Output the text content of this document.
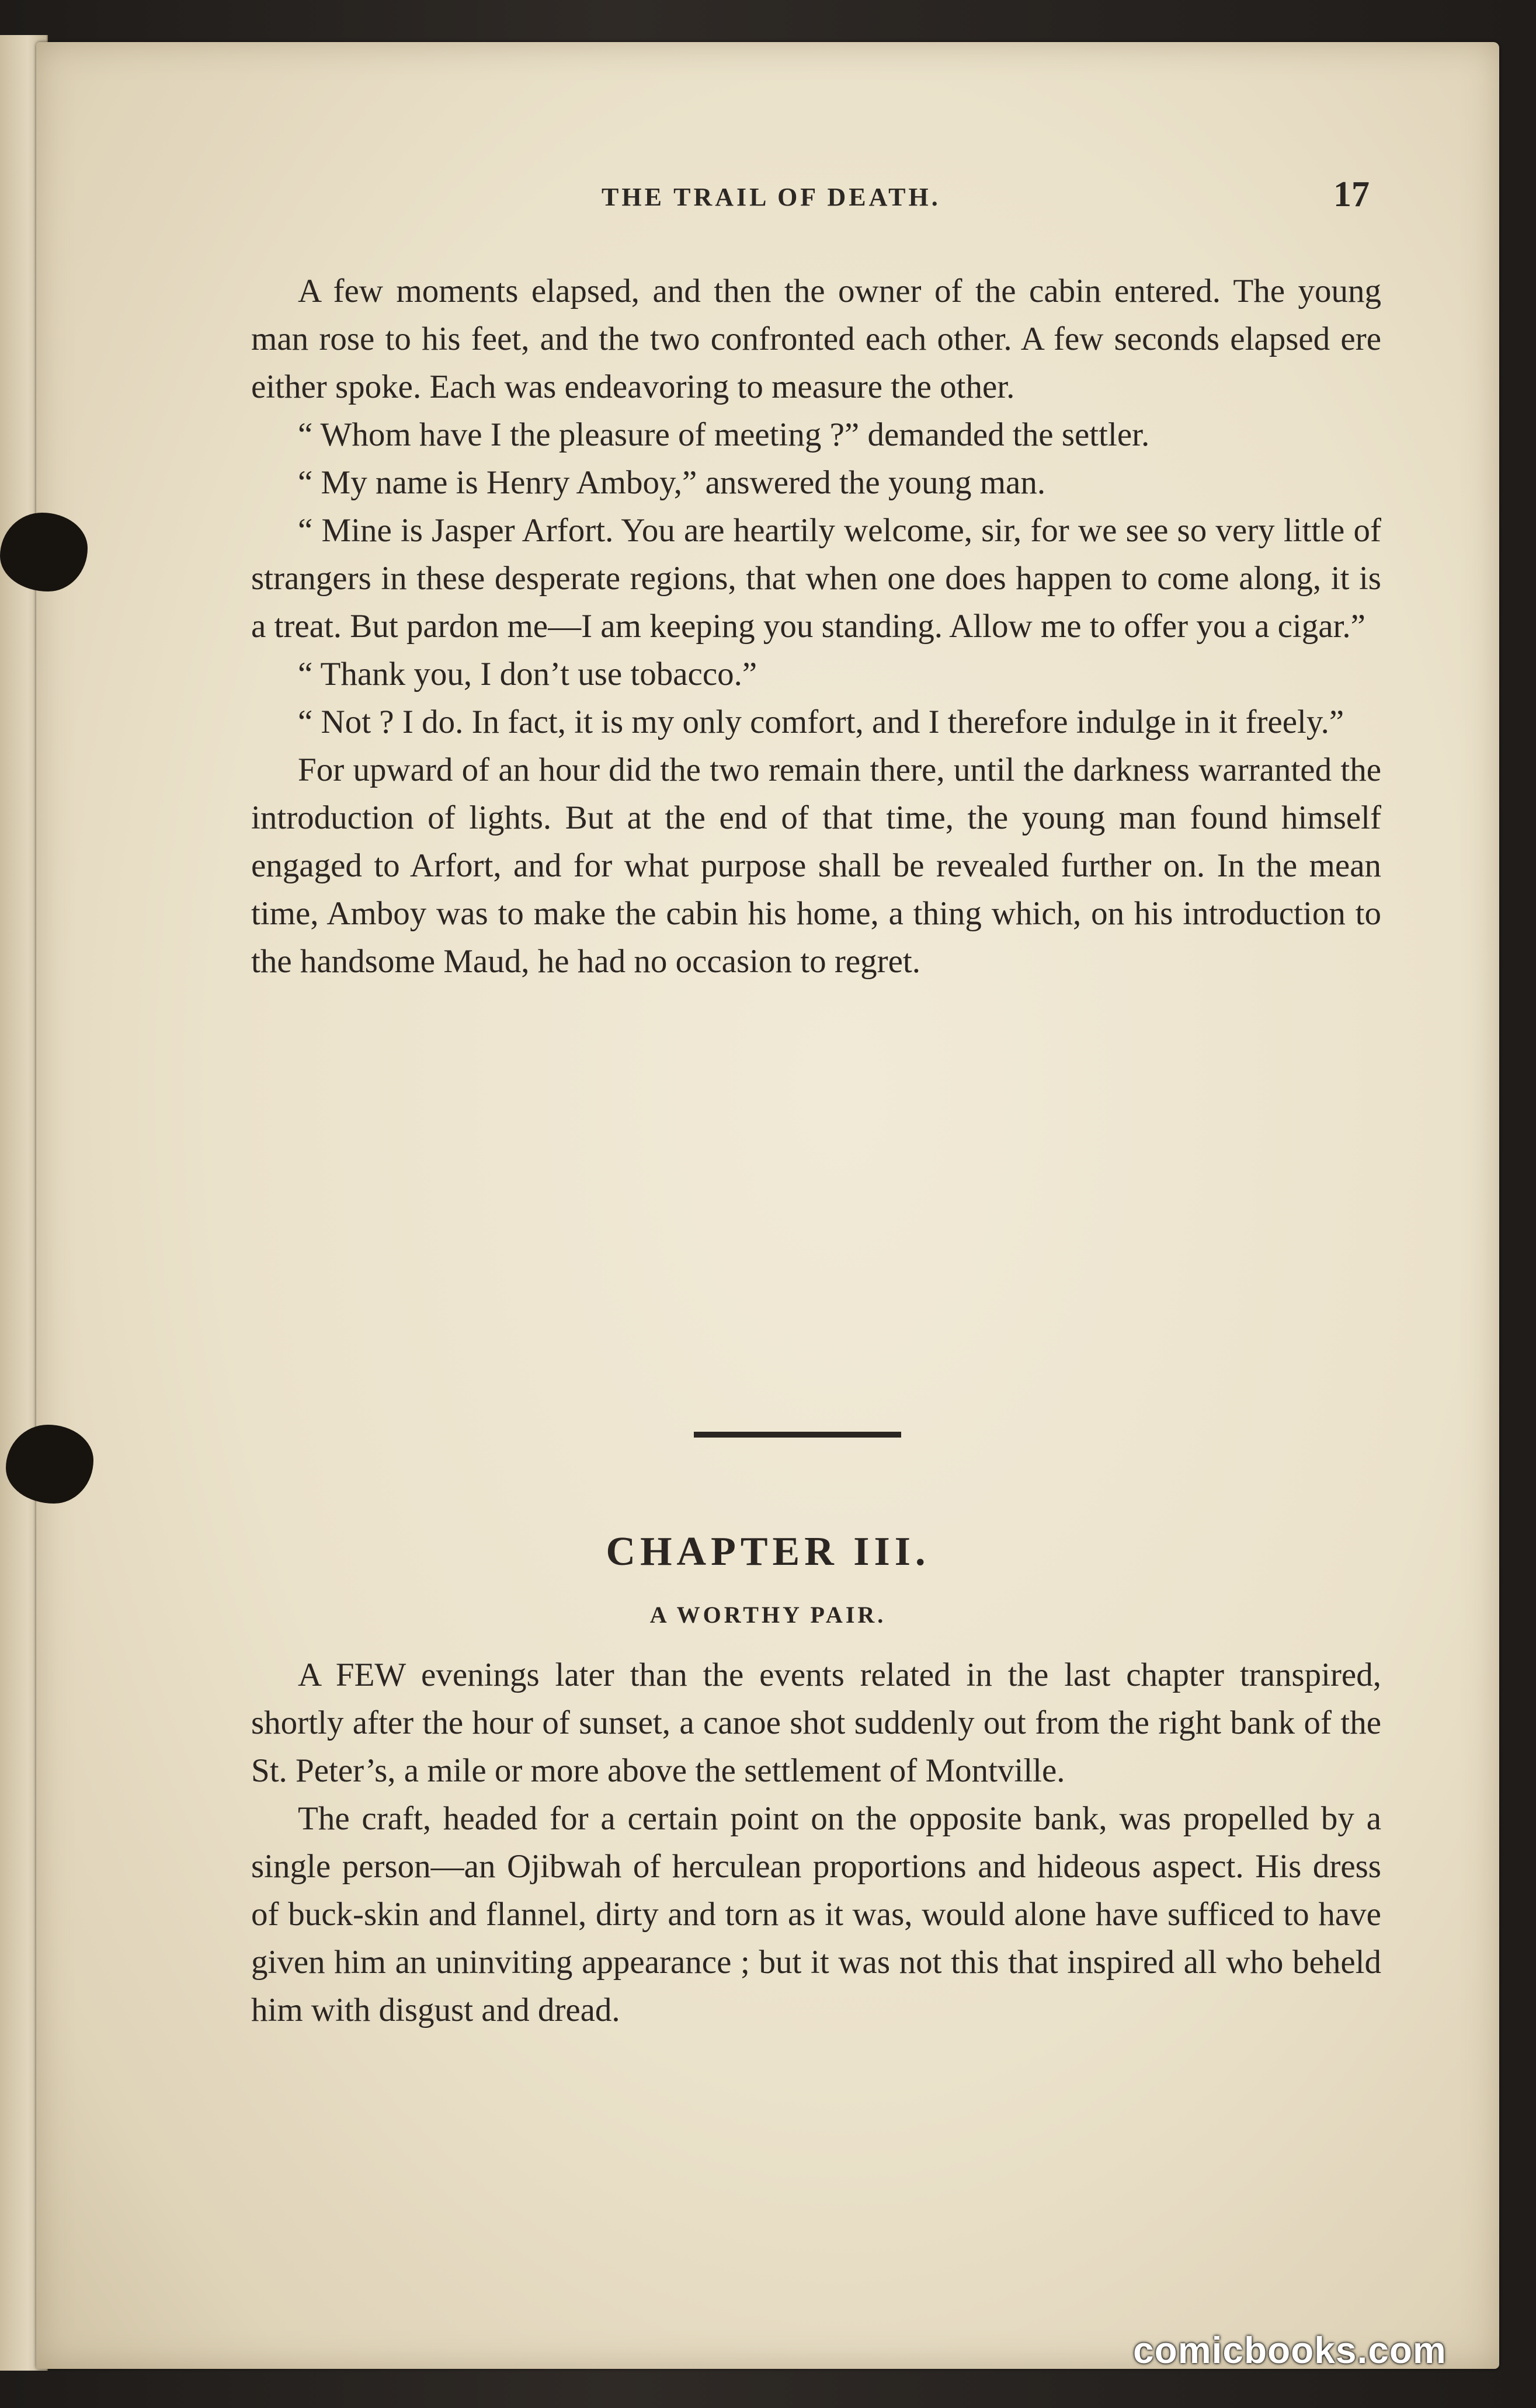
THE TRAIL OF DEATH.	17

A few moments elapsed, and then the owner of the cabin entered. The young man rose to his feet, and the two confronted each other. A few seconds elapsed ere either spoke. Each was endeavoring to measure the other.

“ Whom have I the pleasure of meeting ?” demanded the settler.

“ My name is Henry Amboy,” answered the young man.

“ Mine is Jasper Arfort. You are heartily welcome, sir, for we see so very little of strangers in these desperate regions, that when one does happen to come along, it is a treat. But pardon me—I am keeping you standing. Allow me to offer you a cigar.”

“ Thank you, I don’t use tobacco.”

“ Not ? I do. In fact, it is my only comfort, and I therefore indulge in it freely.”

For upward of an hour did the two remain there, until the darkness warranted the introduction of lights. But at the end of that time, the young man found himself engaged to Arfort, and for what purpose shall be revealed further on. In the mean time, Amboy was to make the cabin his home, a thing which, on his introduction to the handsome Maud, he had no occasion to regret.

CHAPTER III.
A WORTHY PAIR.

A FEW evenings later than the events related in the last chapter transpired, shortly after the hour of sunset, a canoe shot suddenly out from the right bank of the St. Peter’s, a mile or more above the settlement of Montville.

The craft, headed for a certain point on the opposite bank, was propelled by a single person—an Ojibwah of herculean proportions and hideous aspect. His dress of buck-skin and flannel, dirty and torn as it was, would alone have sufficed to have given him an uninviting appearance ; but it was not this that inspired all who beheld him with disgust and dread.

comicbooks.com
